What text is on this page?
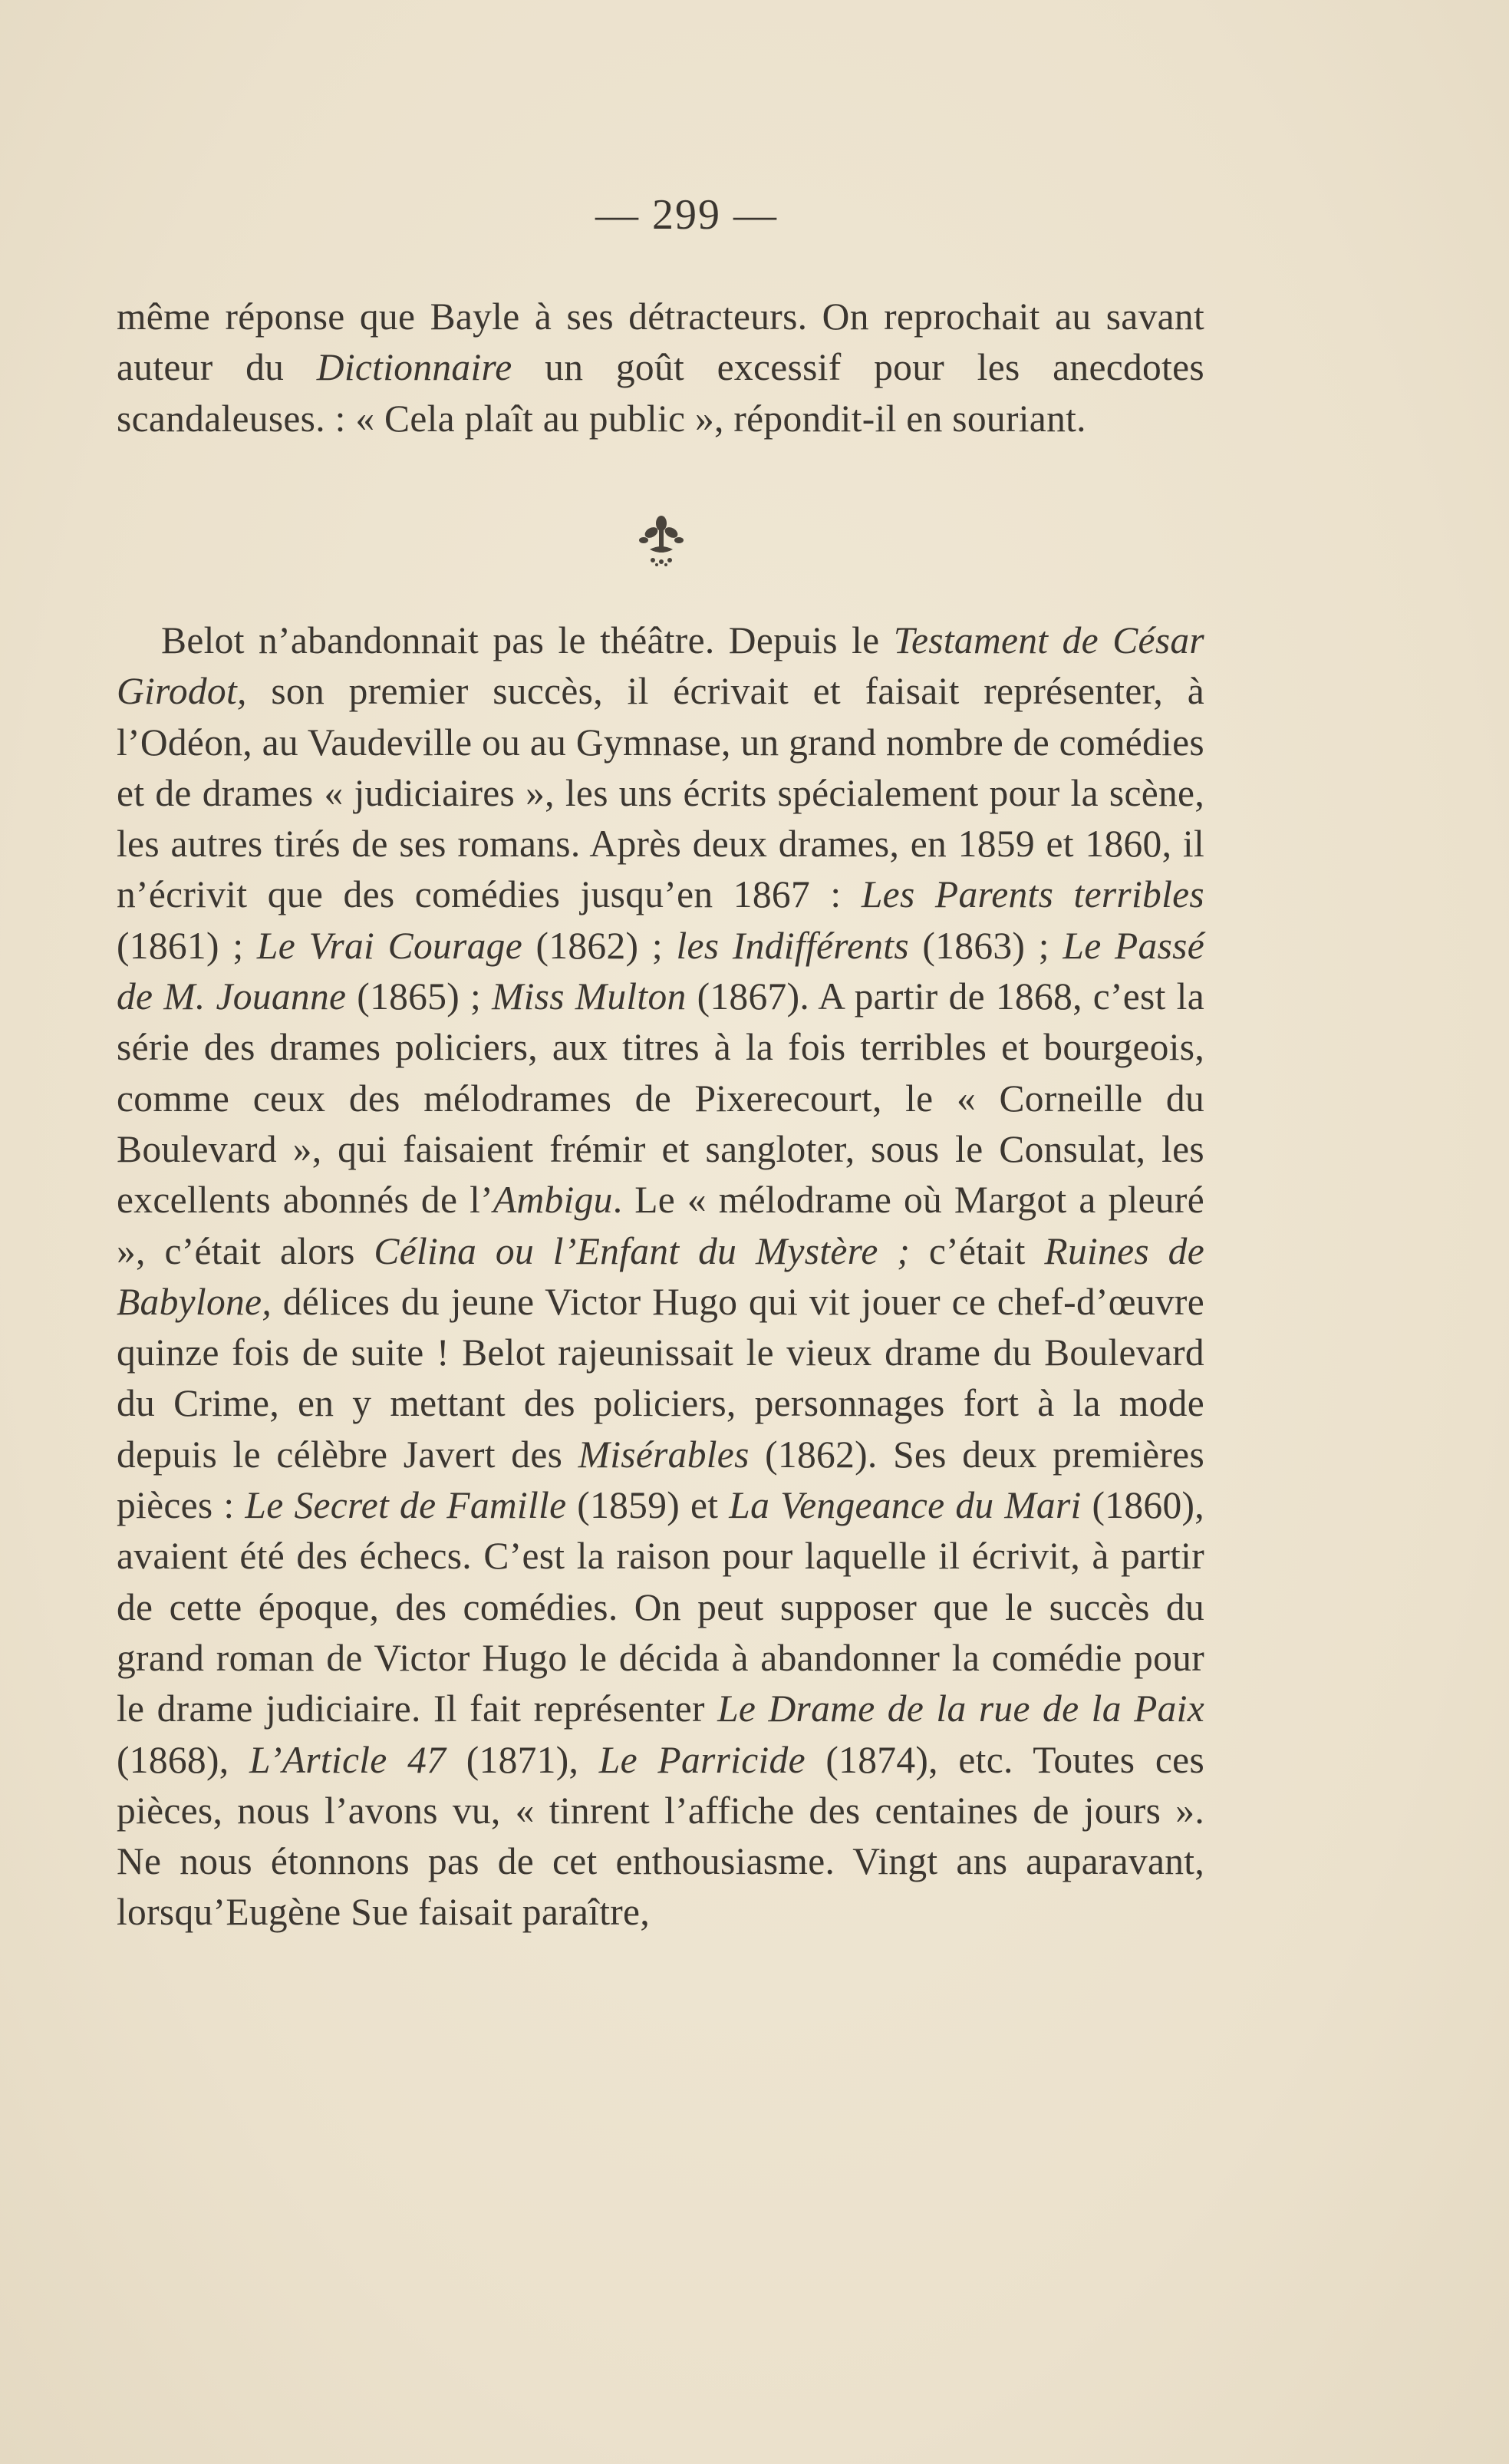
— 299 —
même réponse que Bayle à ses détracteurs. On reprochait au savant auteur du Dictionnaire un goût excessif pour les anecdotes scandaleuses. : « Cela plaît au public », répondit-il en souriant.
Belot n’abandonnait pas le théâtre. Depuis le Testament de César Girodot, son premier succès, il écrivait et faisait représenter, à l’Odéon, au Vaudeville ou au Gymnase, un grand nombre de comédies et de drames « judiciaires », les uns écrits spécialement pour la scène, les autres tirés de ses romans. Après deux drames, en 1859 et 1860, il n’écrivit que des comédies jusqu’en 1867 : Les Parents terribles (1861) ; Le Vrai Courage (1862) ; les Indifférents (1863) ; Le Passé de M. Jouanne (1865) ; Miss Multon (1867). A partir de 1868, c’est la série des drames policiers, aux titres à la fois terribles et bourgeois, comme ceux des mélodrames de Pixerecourt, le « Corneille du Boulevard », qui faisaient frémir et sangloter, sous le Consulat, les excellents abonnés de l’Ambigu. Le « mélodrame où Margot a pleuré », c’était alors Célina ou l’Enfant du Mystère ; c’était Ruines de Babylone, délices du jeune Victor Hugo qui vit jouer ce chef-d’œuvre quinze fois de suite ! Belot rajeunissait le vieux drame du Boulevard du Crime, en y mettant des policiers, personnages fort à la mode depuis le célèbre Javert des Misérables (1862). Ses deux premières pièces : Le Secret de Famille (1859) et La Vengeance du Mari (1860), avaient été des échecs. C’est la raison pour laquelle il écrivit, à partir de cette époque, des comédies. On peut supposer que le succès du grand roman de Victor Hugo le décida à abandonner la comédie pour le drame judiciaire. Il fait représenter Le Drame de la rue de la Paix (1868), L’Article 47 (1871), Le Parricide (1874), etc. Toutes ces pièces, nous l’avons vu, « tinrent l’affiche des centaines de jours ». Ne nous étonnons pas de cet enthousiasme. Vingt ans auparavant, lorsqu’Eugène Sue faisait paraître,
